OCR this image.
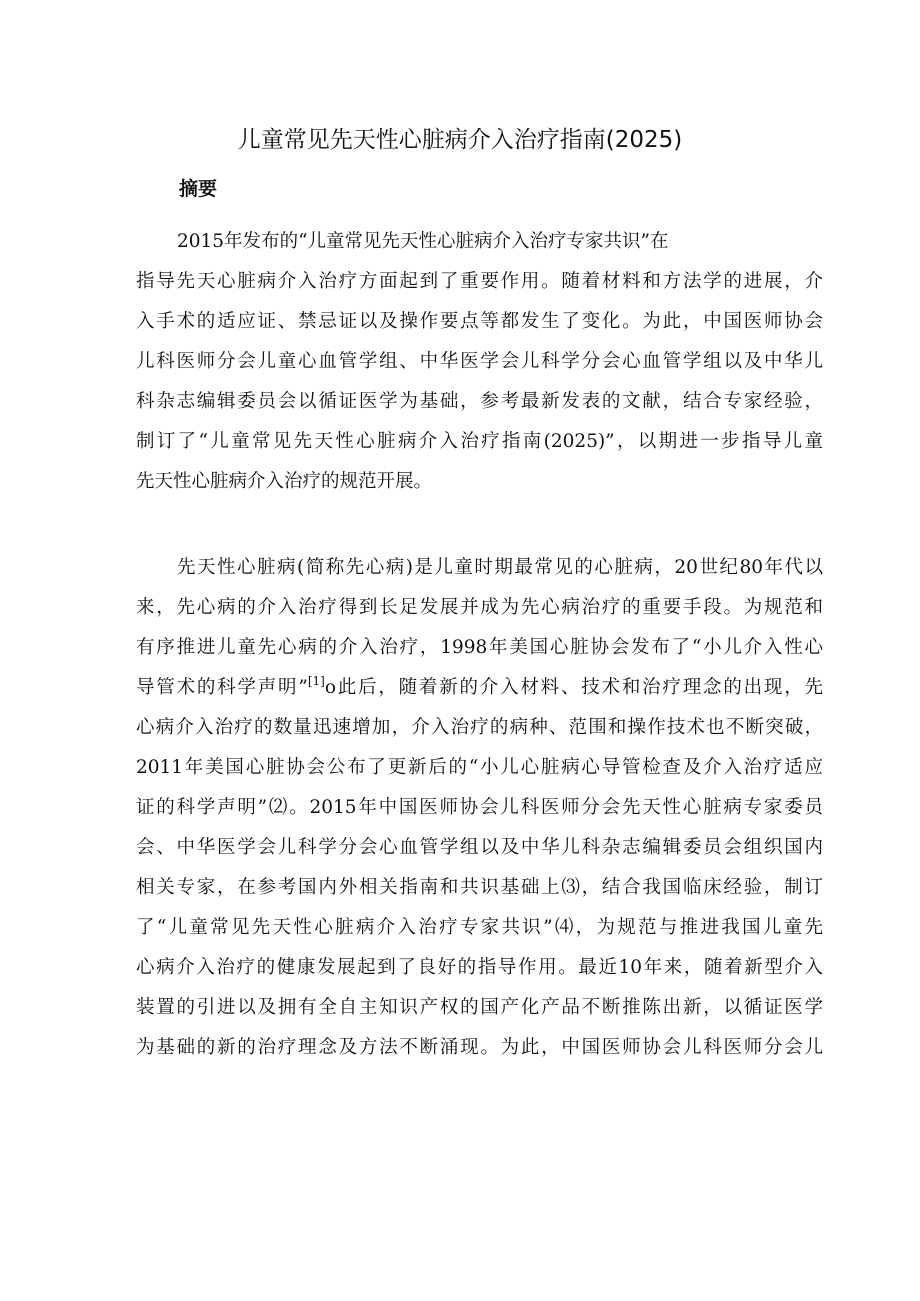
儿童常见先天性心脏病介入治疗指南(2025)
摘要
2015年发布的“儿童常见先天性心脏病介入治疗专家共识”在
指导先天心脏病介入治疗方面起到了重要作用。随着材料和方法学的进展，介
入手术的适应证、禁忌证以及操作要点等都发生了变化。为此，中国医师协会
儿科医师分会儿童心血管学组、中华医学会儿科学分会心血管学组以及中华儿
科杂志编辑委员会以循证医学为基础，参考最新发表的文献，结合专家经验，
制订了“儿童常见先天性心脏病介入治疗指南(2025)”，以期进一步指导儿童
先天性心脏病介入治疗的规范开展。
先天性心脏病(简称先心病)是儿童时期最常见的心脏病，20世纪80年代以
来，先心病的介入治疗得到长足发展并成为先心病治疗的重要手段。为规范和
有序推进儿童先心病的介入治疗，1998年美国心脏协会发布了“小儿介入性心
导管术的科学声明”[1]o此后，随着新的介入材料、技术和治疗理念的出现，先
心病介入治疗的数量迅速增加，介入治疗的病种、范围和操作技术也不断突破，
2011年美国心脏协会公布了更新后的“小儿心脏病心导管检查及介入治疗适应
证的科学声明”⑵。2015年中国医师协会儿科医师分会先天性心脏病专家委员
会、中华医学会儿科学分会心血管学组以及中华儿科杂志编辑委员会组织国内
相关专家，在参考国内外相关指南和共识基础上⑶，结合我国临床经验，制订
了“儿童常见先天性心脏病介入治疗专家共识”⑷，为规范与推进我国儿童先
心病介入治疗的健康发展起到了良好的指导作用。最近10年来，随着新型介入
装置的引进以及拥有全自主知识产权的国产化产品不断推陈出新，以循证医学
为基础的新的治疗理念及方法不断涌现。为此，中国医师协会儿科医师分会儿
